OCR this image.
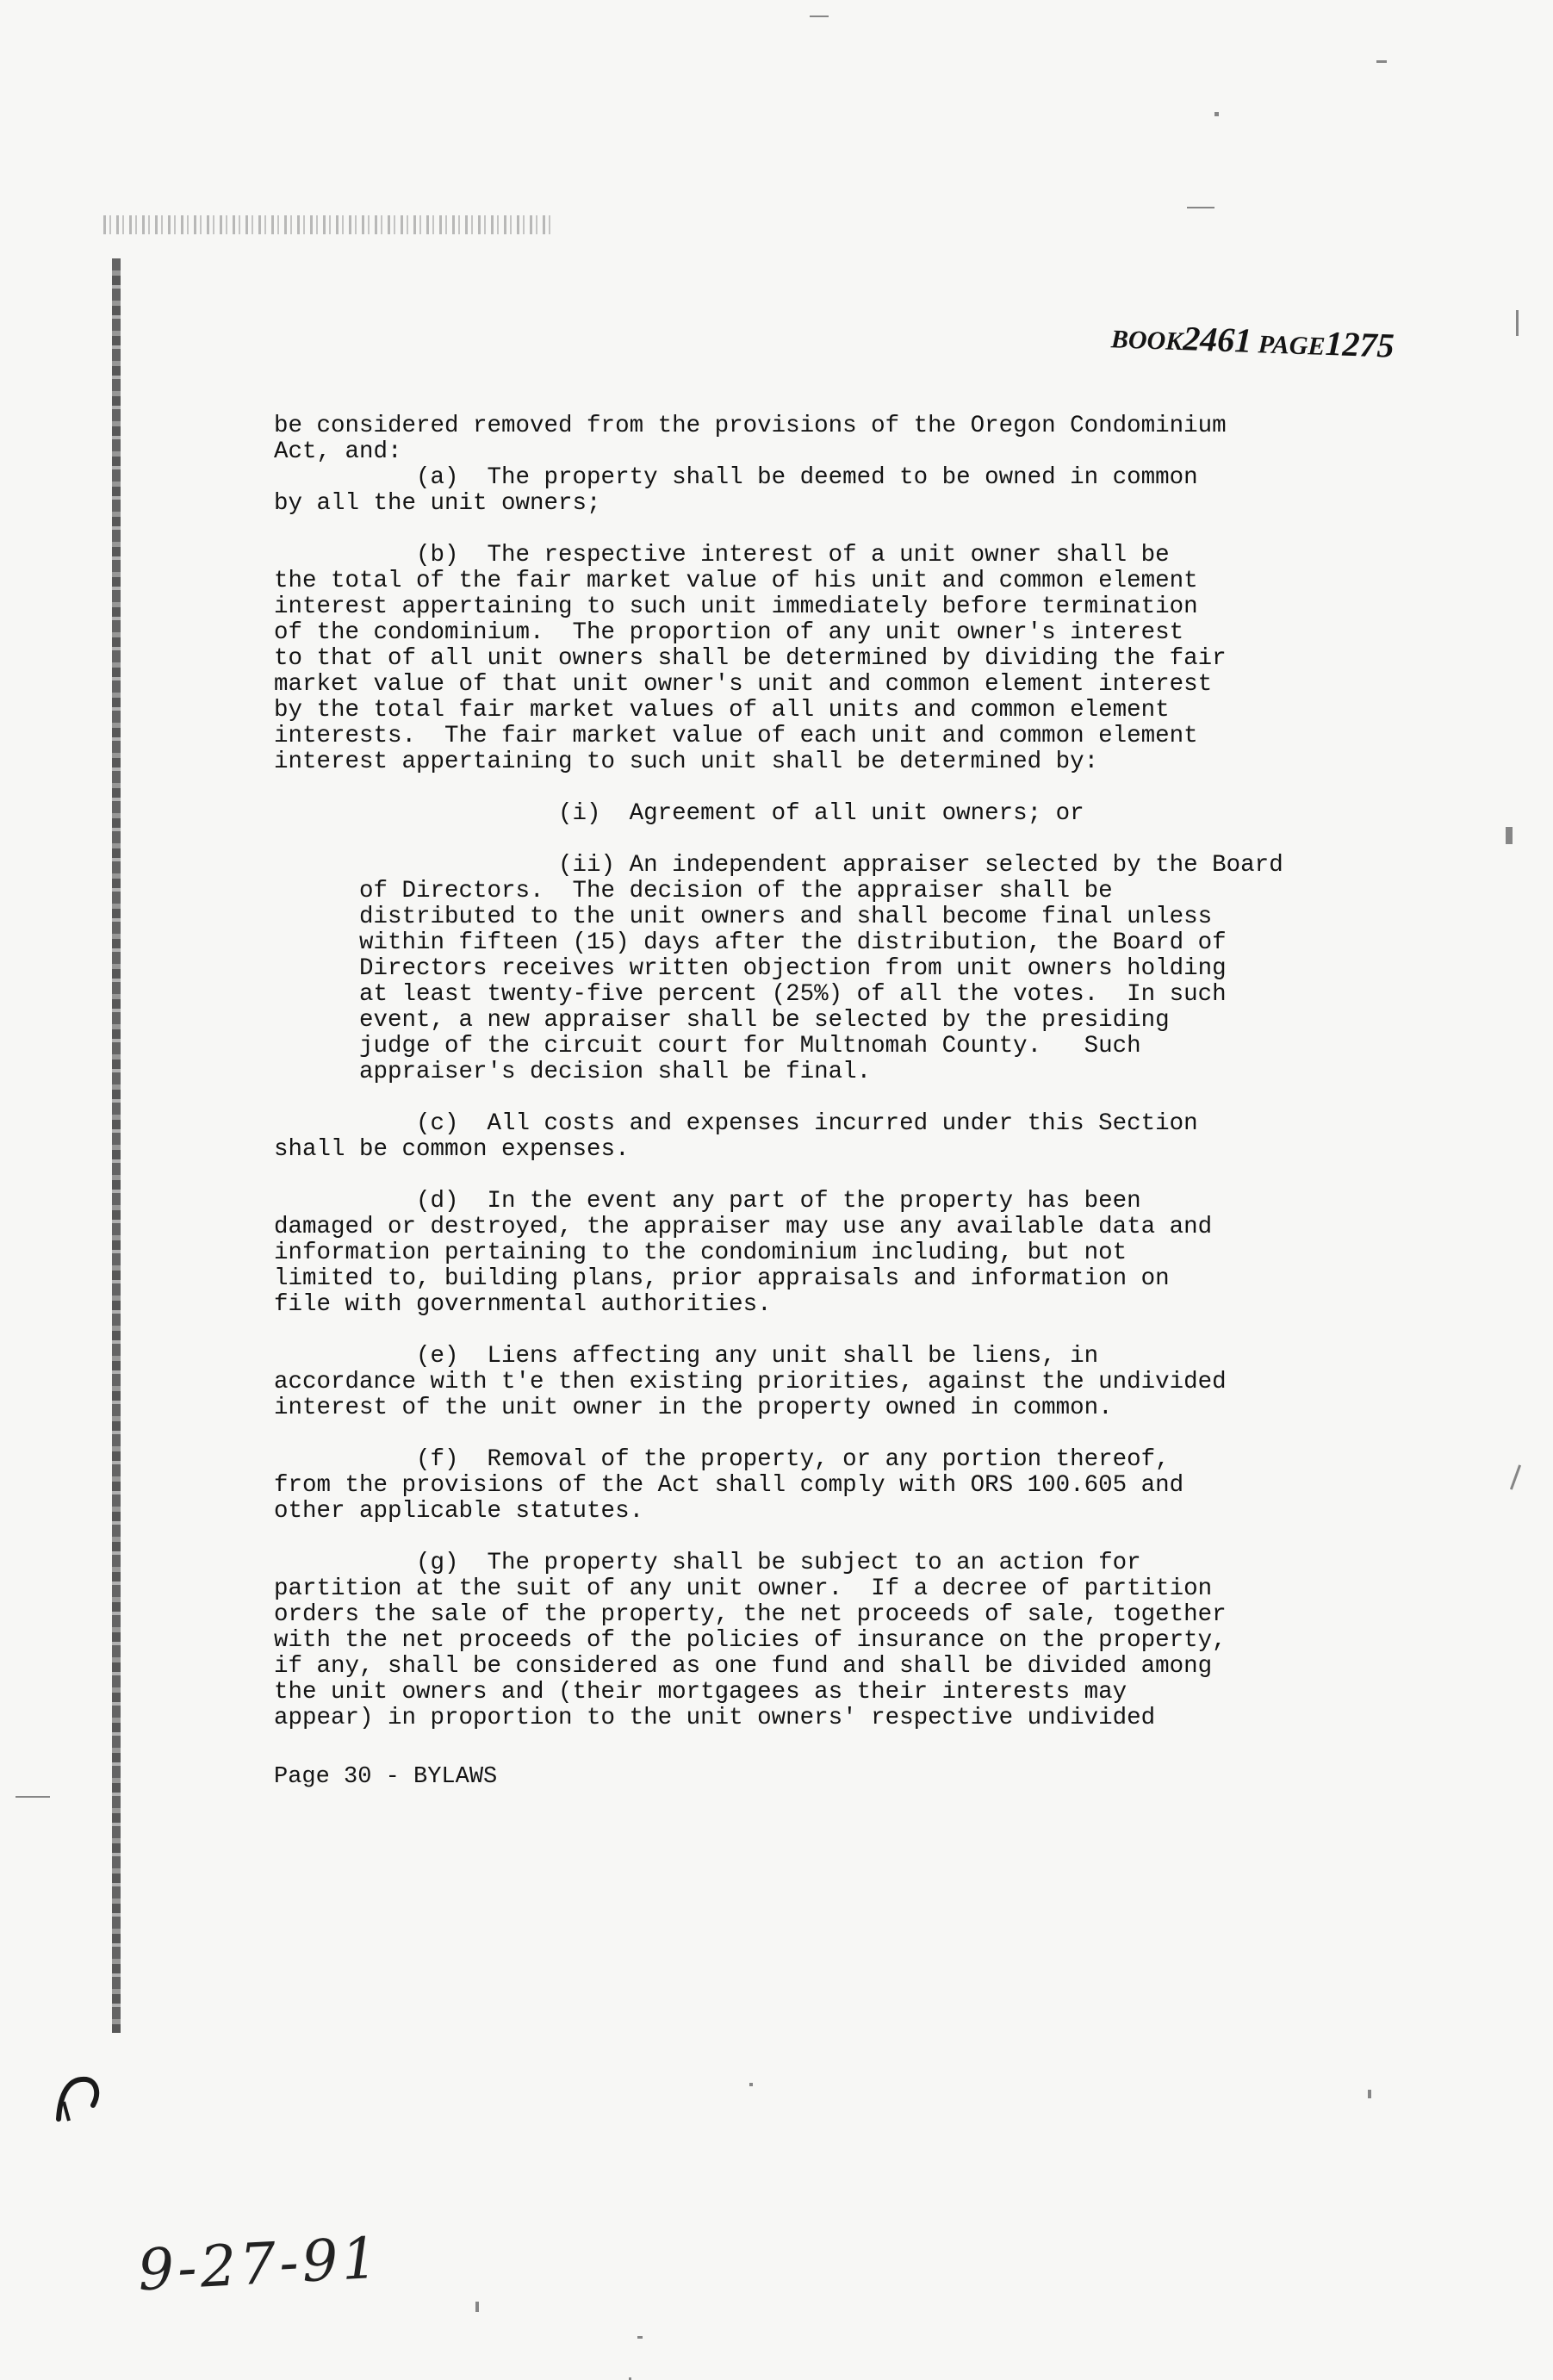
BOOK2461 PAGE1275
be considered removed from the provisions of the Oregon Condominium
Act, and:
(a)  The property shall be deemed to be owned in common
by all the unit owners;

(b)  The respective interest of a unit owner shall be
the total of the fair market value of his unit and common element
interest appertaining to such unit immediately before termination
of the condominium.  The proportion of any unit owner's interest
to that of all unit owners shall be determined by dividing the fair
market value of that unit owner's unit and common element interest
by the total fair market values of all units and common element
interests.  The fair market value of each unit and common element
interest appertaining to such unit shall be determined by:

(i)  Agreement of all unit owners; or

(ii) An independent appraiser selected by the Board
of Directors.  The decision of the appraiser shall be
distributed to the unit owners and shall become final unless
within fifteen (15) days after the distribution, the Board of
Directors receives written objection from unit owners holding
at least twenty-five percent (25%) of all the votes.  In such
event, a new appraiser shall be selected by the presiding
judge of the circuit court for Multnomah County.   Such
appraiser's decision shall be final.

(c)  All costs and expenses incurred under this Section
shall be common expenses.

(d)  In the event any part of the property has been
damaged or destroyed, the appraiser may use any available data and
information pertaining to the condominium including, but not
limited to, building plans, prior appraisals and information on
file with governmental authorities.

(e)  Liens affecting any unit shall be liens, in
accordance with t'e then existing priorities, against the undivided
interest of the unit owner in the property owned in common.

(f)  Removal of the property, or any portion thereof,
from the provisions of the Act shall comply with ORS 100.605 and
other applicable statutes.

(g)  The property shall be subject to an action for
partition at the suit of any unit owner.  If a decree of partition
orders the sale of the property, the net proceeds of sale, together
with the net proceeds of the policies of insurance on the property,
if any, shall be considered as one fund and shall be divided among
the unit owners and (their mortgagees as their interests may
appear) in proportion to the unit owners' respective undivided
Page 30 - BYLAWS
9-27-91
